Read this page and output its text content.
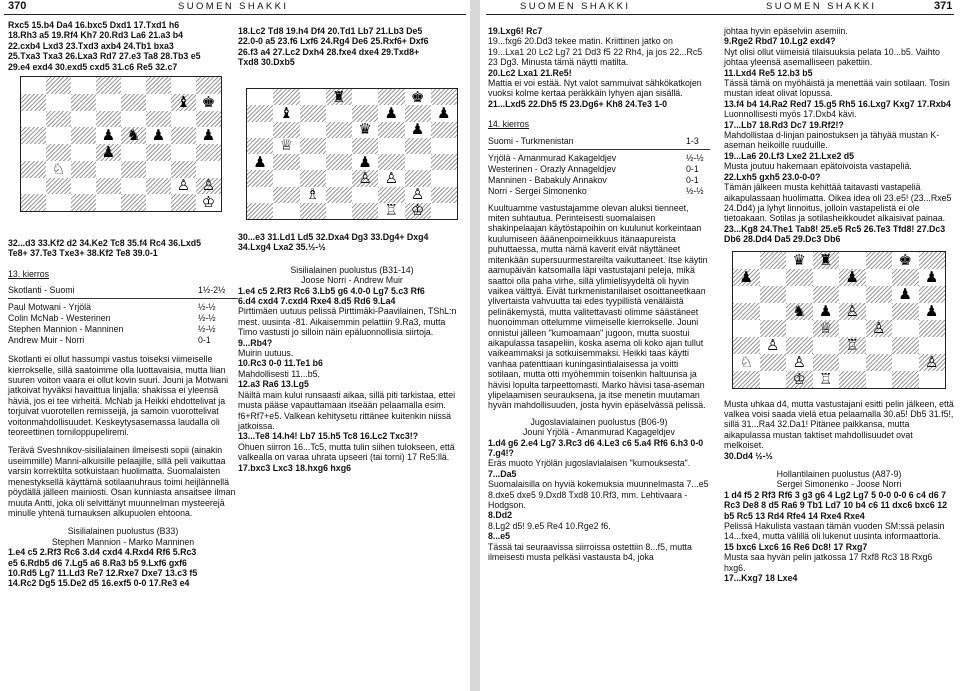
370	SUOMEN SHAKKI
Rxc5 15.b4 Da4 16.bxc5 Dxd1 17.Txd1 h6
18.Rh3 a5 19.Rf4 Kh7 20.Rd3 La6 21.a3 b4
22.cxb4 Lxd3 23.Txd3 axb4 24.Tb1 bxa3
25.Txa3 Txa3 26.Lxa3 Rd7 27.e3 Ta8 28.Tb3 e5
29.e4 exd4 30.exd5 cxd5 31.c6 Re5 32.c7
18.Lc2 Td8 19.h4 Df4 20.Td1 Lb7 21.Lb3 De5
22.0-0 a5 23.f6 Lxf6 24.Rg4 De6 25.Rxf6+ Dxf6
26.f3 a4 27.Lc2 Dxh4 28.fxe4 dxe4 29.Txd8+
Txd8 30.Dxb5
♝ ♚
♟ ♞ ♟ ♟
♟
♘
♙ ♙
♔
♜	♚
♝	♟	♟
♛	♟
♕
♟	♟
♙ ♙
♗	♙
♖ ♔
32...d3 33.Kf2 d2 34.Ke2 Tc8 35.f4 Rc4 36.Lxd5
Te8+ 37.Te3 Txe3+ 38.Kf2 Te8 39.0-1
13. kierros
Skotlanti - Suomi	1½-2½
Paul Motwani - Yrjölä	½-½
Colin McNab - Westerinen	½-½
Stephen Mannion - Manninen	½-½
Andrew Muir - Norri	0-1
Skotlanti ei ollut hassumpi vastus toiseksi viimeiselle kierrokselle, sillä saatoimme olla luottavaisia, mutta liian suuren voiton vaara ei ollut kovin suuri. Jouni ja Motwani jatkoivat hyväksi havaittua linjalla: shakissa ei yleensä häviä, jos ei tee virheitä. McNab ja Heikki ehdottelivat ja torjuivat vuorotellen remisseijä, ja samoin vuorottelivat voitonmahdollisuudet. Keskeytysasemassa laudalla oli teoreettinen torniloppupeliremi.
Terävä Sveshnikov-sisilialainen ilmeisesti sopii (ainakin useimmille) Manni-alkuisille pelaajille, sillä peli vaikuttaa varsin korrektilta sotkuistaan huolimatta. Suomalaisten menestyksellä käyttämä sotilaanuhraus toimi heijlännellä pöydällä jälleen mainiosti. Osan kunniasta ansaitsee ilman muuta Antti, joka oli selvittänyt muunnelman mysteerejä minulle yhtenä turnauksen alkupuolen ehtoona.
Sisilialainen puolustus (B33)
Stephen Mannion - Marko Manninen
1.e4 c5 2.Rf3 Rc6 3.d4 cxd4 4.Rxd4 Rf6 5.Rc3
e5 6.Rdb5 d6 7.Lg5 a6 8.Ra3 b5 9.Lxf6 gxf6
10.Rd5 Lg7 11.Ld3 Re7 12.Rxe7 Dxe7 13.c3 f5
14.Rc2 Dg5 15.De2 d5 16.exf5 0-0 17.Re3 e4
30...e3 31.Ld1 Ld5 32.Dxa4 Dg3 33.Dg4+ Dxg4
34.Lxg4 Lxa2 35.½-½
Sisilialainen puolustus (B31-14)
Joose Norri - Andrew Muir
1.e4 c5 2.Rf3 Rc6 3.Lb5 g6 4.0-0 Lg7 5.c3 Rf6
6.d4 cxd4 7.cxd4 Rxe4 8.d5 Rd6 9.La4
Pirttimäen uutuus pelissä Pirttimäki-Paavilainen, TShL:n mest. uusinta -81. Aikaisemmin pelattiin 9.Ra3, mutta Timo vastusti jo silloin näin epäluonnollisia siirtoja.
9...Rb4?
Muirin uutuus.
10.Rc3 0-0 11.Te1 b6
Mahdollisesti 11...b5.
12.a3 Ra6 13.Lg5
Näiltä main kului runsaasti aikaa, sillä piti tarkistaa, ettei musta pääse vapauttamaan itseään pelaamalla esim. f6+Rf7+e5. Valkean kehitysetu rittänee kuitenkin niissä jatkoissa.
13...Te8 14.h4! Lb7 15.h5 Tc8 16.Lc2 Txc3!?
Ohuen siirron 16...Tc5, mutta tulin siihen tulokseen, että valkealla on varaa uhrata upseeri (tai torni) 17 Re5:llä.
17.bxc3 Lxc3 18.hxg6 hxg6
SUOMEN SHAKKI	SUOMEN SHAKKI	371
19.Lxg6! Rc7
19...fxg6 20.Dd3 tekee matin. Kriittinen jatko on 19...Lxa1 20 Lc2 Lg7 21 Dd3 f5 22 Rh4, ja jos 22...Rc5 23 Dg3. Minusta tämä näytti matilta.
20.Lc2 Lxa1 21.Re5!
Mattia ei voi estää. Nyt valot sammuivat sähkökatkojen vuoksi kolme kertaa peräkkäin lyhyen ajan sisällä.
21...Lxd5 22.Dh5 f5 23.Dg6+ Kh8 24.Te3 1-0
14. kierros
Suomi - Turkmenistan	1-3
Yrjölä - Amanmurad Kakageldjev	½-½
Westerinen - Orazly Annageldjev	0-1
Manninen - Babakuly Annakov	0-1
Norri - Sergei Simonenko	½-½
Kuultuamme vastustajamme olevan aluksi tienneet, miten suhtautua. Perinteisesti suomalaisen shakinpelaajan käytöstapoihin on kuulunut korkeintaan kuulumiseen ääänenpoimeikkuus itänaapureista puhuttaessa, mutta nämä kaverit eivät näyttäneet mitenkään supersuurmestareilta vaikuttaneet. Itse käytin aamupäivän katsomalla läpi vastustajani peleja, mikä saattoi olla paha virhe, sillä ylimielisyydeltä oli hyvin vaikea välttyä. Eivät turkmenistanilaiset osoittaneetkaan ylivertaista vahvuutta tai edes tyypillistä venäläistä pelinäkemystä, mutta valitettavasti olimme säästäneet huonoimman ottelumme viimeiselle kierrokselle. Jouni onnistui jälleen "kumoamaan" jugoon, mutta suostui aikapulassa tasapeliin, koska asema oli koko ajan tullut vaikeammaksi ja sotkuisemmaksi. Heikki taas käytti vanhaa patenttiaan kuningasintialaisessa ja voitti sotilaan, mutta otti myöhemmin toisenkin haltuunsa ja hävisi lopulta tarpeettomasti. Marko hävisi tasa-aseman ylipelaamisen seurauksena, ja itse menetin muutaman hyvän mahdollisuuden, josta hyvin epäselvässä pelissä.
Jugoslavialainen puolustus (B06-9)
Jouni Yrjölä - Amanmurad Kagageldjev
1.d4 g6 2.e4 Lg7 3.Rc3 d6 4.Le3 c6 5.a4 Rf6 6.h3 0-0 7.g4!?
Eräs muoto Yrjölän jugoslavialaisen "kumouksesta".
7...Da5
Suomalaisilla on hyviä kokemuksia muunnelmasta 7...e5 8.dxe5 dxe5 9.Dxd8 Txd8 10.Rf3, mm. Lehtivaara - Hodgson.
8.Dd2
8.Lg2 d5! 9.e5 Re4 10.Rge2 f6.
8...e5
Tässä tai seuraavissa siirroissa ostettiin 8...f5, mutta ilmeisesti musta pelkäsi vastausta b4, joka
johtaa hyvin epäselviin asemiin.
9.Rge2 Rbd7 10.Lg2 exd4?
Nyt olisi ollut viimeisiä tilaisuuksia pelata 10...b5. Vaihto johtaa yleensä asemalliseen pakettiin.
11.Lxd4 Re5 12.b3 b5
Tässä tämä on myöhäistä ja menettää vain sotilaan. Tosin mustan ideat olivat lopussa.
13.f4 b4 14.Ra2 Red7 15.g5 Rh5 16.Lxg7 Kxg7 17.Rxb4
Luonnollisesti myös 17.Dxb4 kävi.
17...Lb7 18.Rd3 Dc7 19.Rf2!?
Mahdollistaa d-linjan painostuksen ja tähyää mustan K-aseman heikoille ruuduille.
19...La6 20.Lf3 Lxe2 21.Lxe2 d5
Musta joutuu hakemaan epätoivoista vastapeliä.
22.Lxh5 gxh5 23.0-0-0?
Tämän jälkeen musta kehittää taitavasti vastapeliä aikapulassaan huolimatta. Oikea idea oli 23.e5! (23...Rxe5 24.Dd4) ja lyhyt linnoitus, jolloin vastapelistä ei ole tietoakaan. Sotilas ja sotilasheikkoudet alkaisivat painaa.
23...Kg8 24.The1 Tab8! 25.e5 Rc5 26.Te3 Tfd8! 27.Dc3 Db6 28.Dd4 Da5 29.Dc3 Db6
♛ ♜	♚
♟	♟	♟
♟
♞ ♟ ♙	♟
♕	♙
♙	♖
♘	♙	♙
♔ ♖
Musta uhkaa d4, mutta vastustajani esitti pelin jälkeen, että valkea voisi saada vielä etua pelaamalla 30.a5! Db5 31.f5!, sillä 31...Ra4 32.Da1! Pitänee paikkansa, mutta aikapulassa mustan taktiset mahdollisuudet ovat melkoiset.
30.Dd4 ½-½
Hollantilainen puolustus (A87-9)
Sergei Simonenko - Joose Norri
1 d4 f5 2 Rf3 Rf6 3 g3 g6 4 Lg2 Lg7 5 0-0 0-0 6 c4 d6 7 Rc3 De8 8 d5 Ra6 9 Tb1 Ld7 10 b4 c6 11 dxc6 bxc6 12 b5 Rc5 13 Rd4 Rfe4 14 Rxe4 Rxe4
Pelissä Hakulista vastaan tämän vuoden SM:ssä pelasin 14...fxe4, mutta välillä oli lukenut uusinta informaattoria.
15 bxc6 Lxc6 16 Re6 Dc8! 17 Rxg7
Musta saa hyvän pelin jatkossa 17 Rxf8 Rc3 18 Rxg6 hxg6.
17...Kxg7 18 Lxe4
